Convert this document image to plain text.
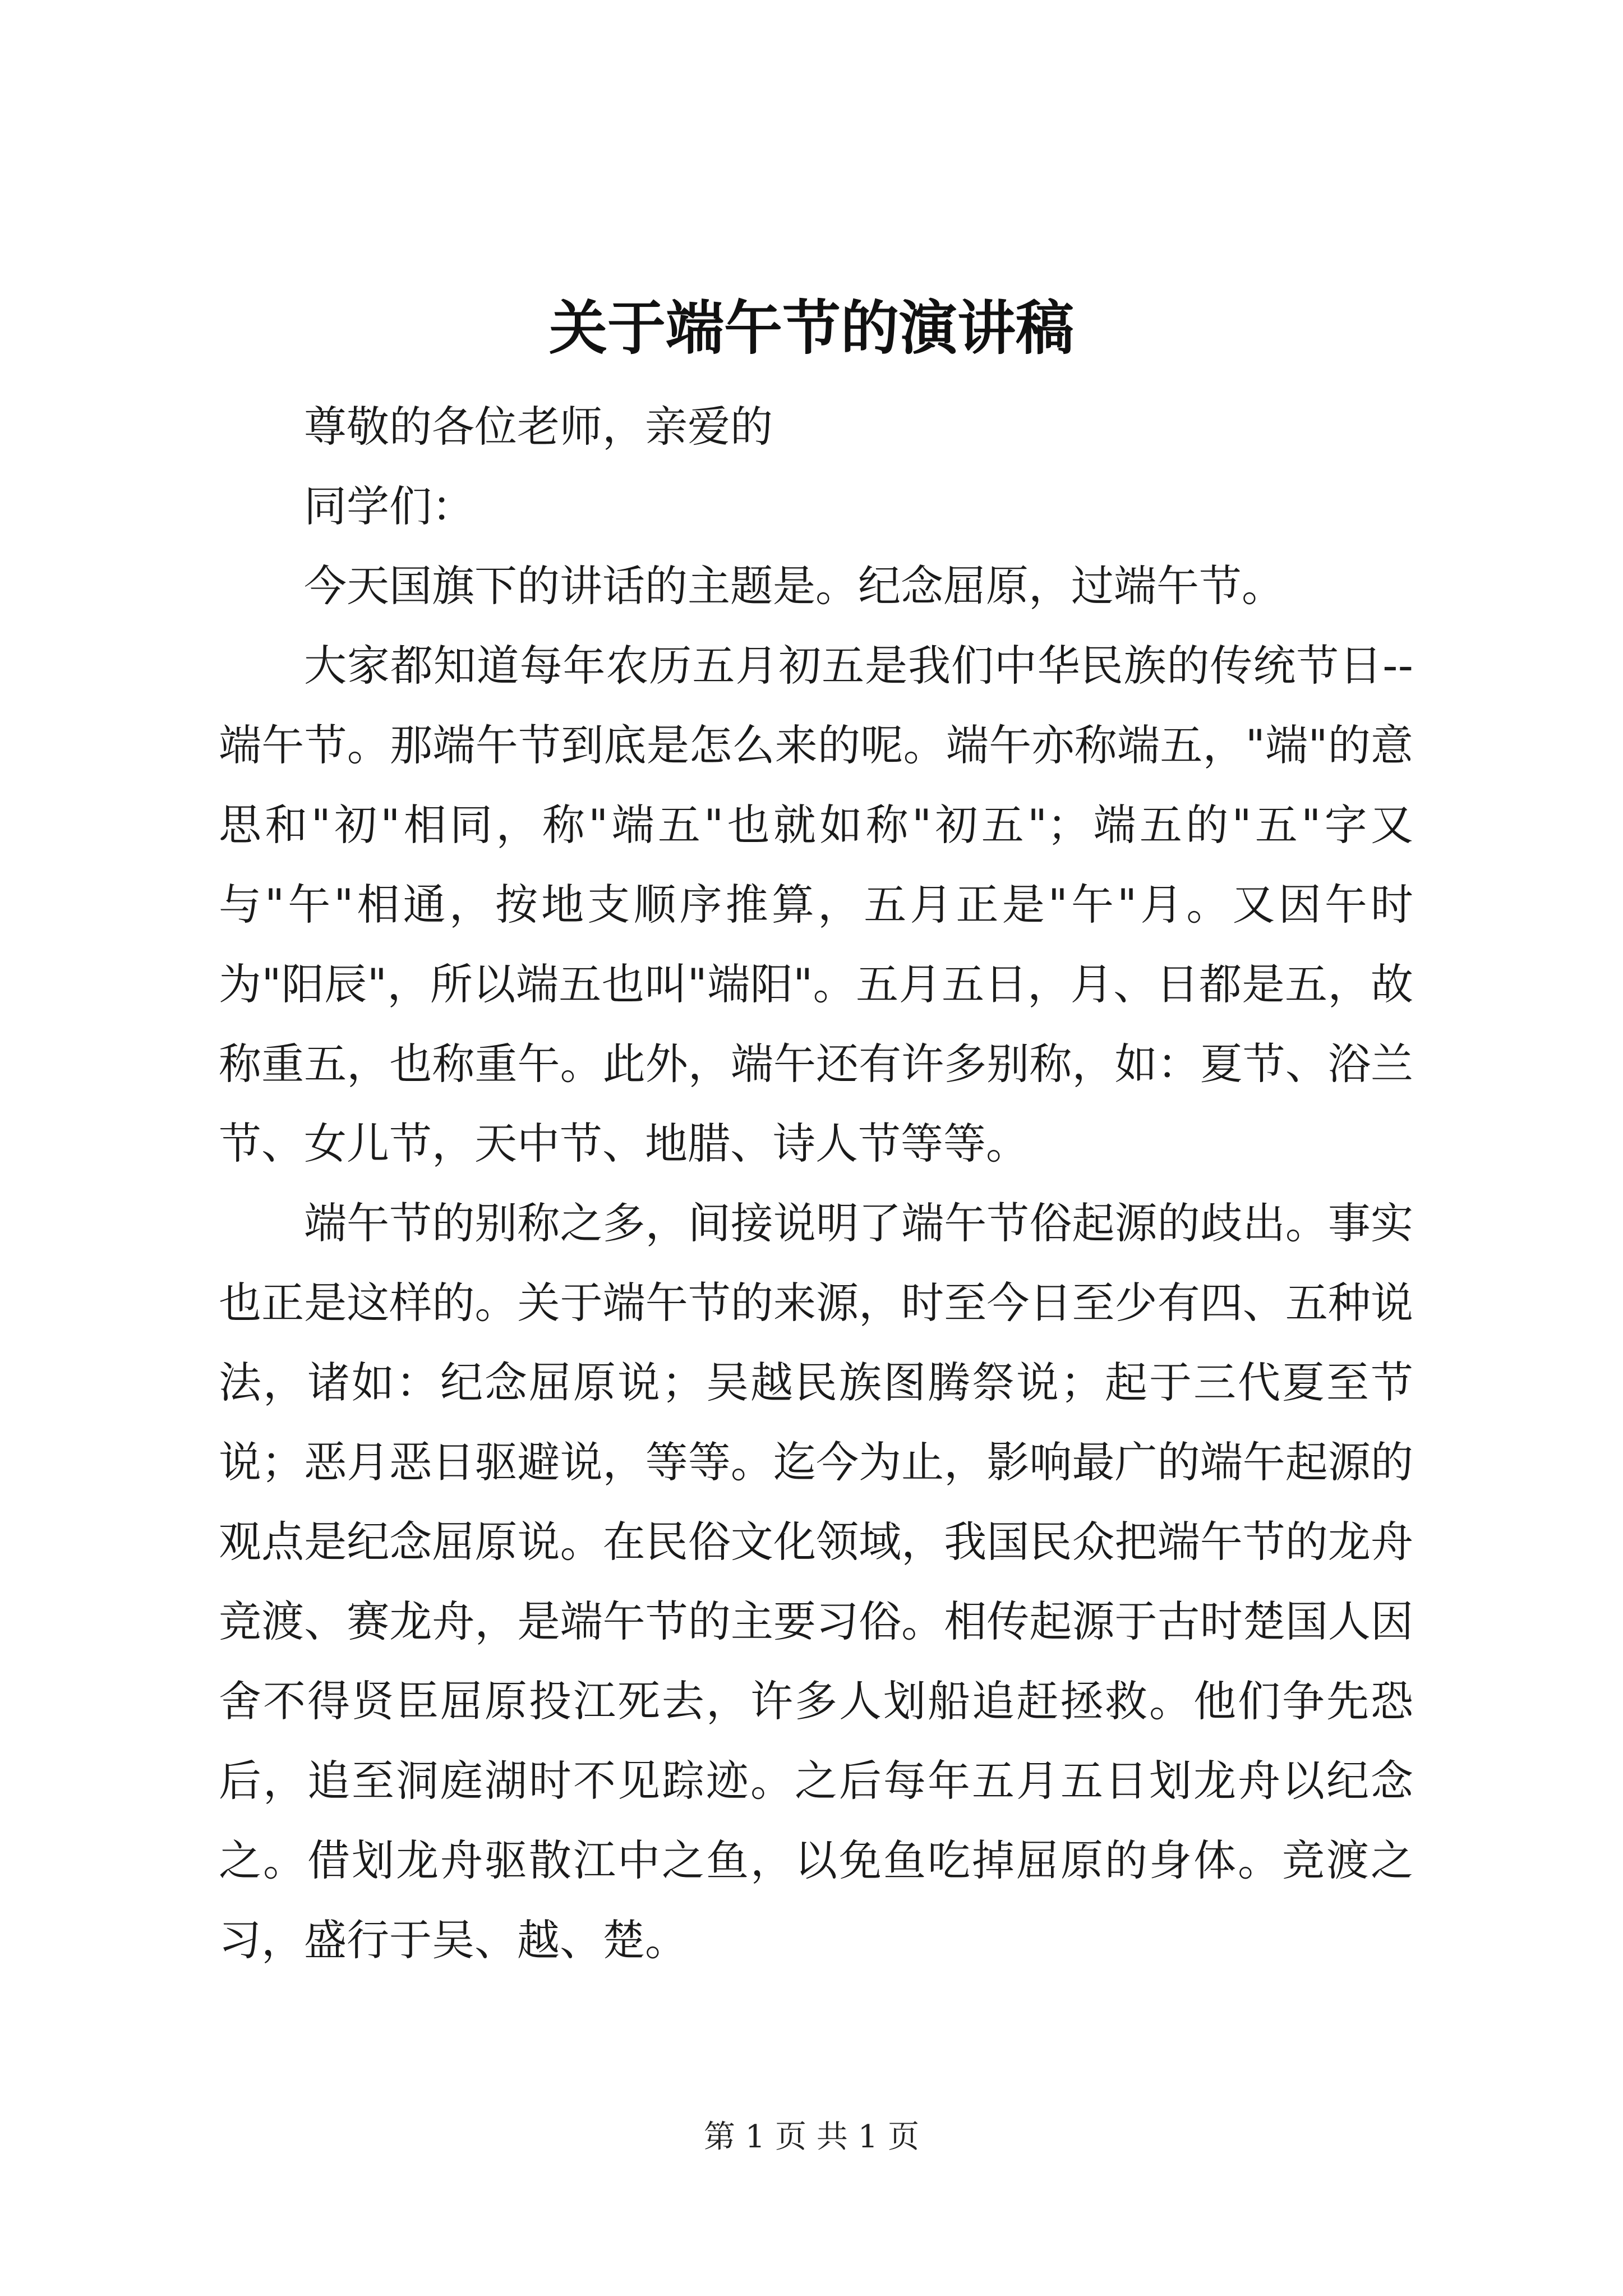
关于端午节的演讲稿

尊敬的各位老师，亲爱的

同学们：

今天国旗下的讲话的主题是。纪念屈原，过端午节。

大家都知道每年农历五月初五是我们中华民族的传统节日--端午节。那端午节到底是怎么来的呢。端午亦称端五，"端"的意思和"初"相同，称"端五"也就如称"初五"；端五的"五"字又与"午"相通，按地支顺序推算，五月正是"午"月。又因午时为"阳辰"，所以端五也叫"端阳"。五月五日，月、日都是五，故称重五，也称重午。此外，端午还有许多别称，如：夏节、浴兰节、女儿节，天中节、地腊、诗人节等等。

端午节的别称之多，间接说明了端午节俗起源的歧出。事实也正是这样的。关于端午节的来源，时至今日至少有四、五种说法，诸如：纪念屈原说；吴越民族图腾祭说；起于三代夏至节说；恶月恶日驱避说，等等。迄今为止，影响最广的端午起源的观点是纪念屈原说。在民俗文化领域，我国民众把端午节的龙舟竞渡、赛龙舟，是端午节的主要习俗。相传起源于古时楚国人因舍不得贤臣屈原投江死去，许多人划船追赶拯救。他们争先恐后，追至洞庭湖时不见踪迹。之后每年五月五日划龙舟以纪念之。借划龙舟驱散江中之鱼，以免鱼吃掉屈原的身体。竞渡之习，盛行于吴、越、楚。

第 1 页 共 1 页
